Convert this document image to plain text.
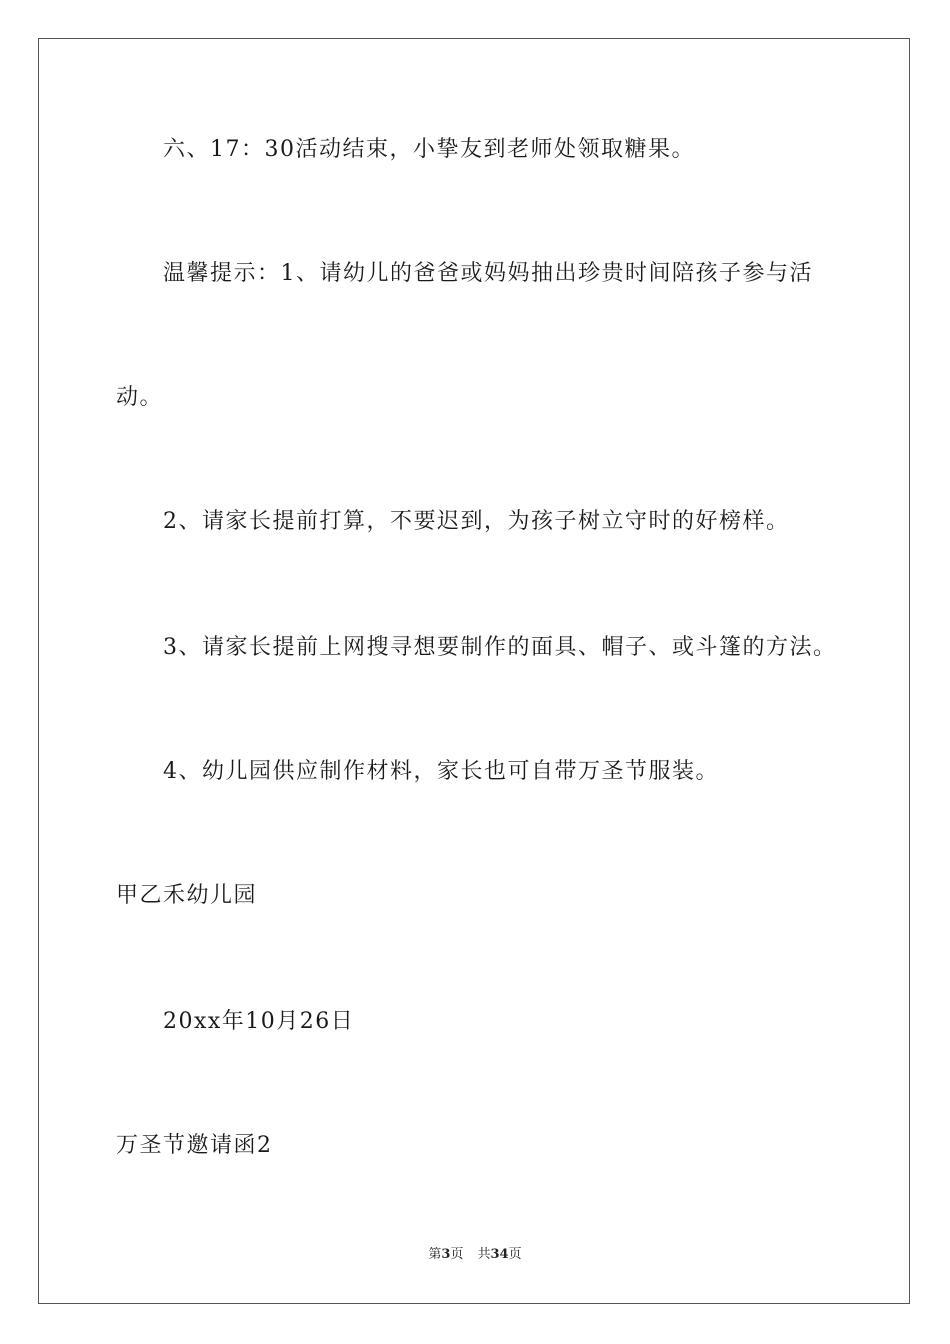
六、17：30活动结束，小挚友到老师处领取糖果。
温馨提示：1、请幼儿的爸爸或妈妈抽出珍贵时间陪孩子参与活
动。
2、请家长提前打算，不要迟到，为孩子树立守时的好榜样。
3、请家长提前上网搜寻想要制作的面具、帽子、或斗篷的方法。
4、幼儿园供应制作材料，家长也可自带万圣节服装。
甲乙禾幼儿园
20xx年10月26日
万圣节邀请函2
第3页 共34页
